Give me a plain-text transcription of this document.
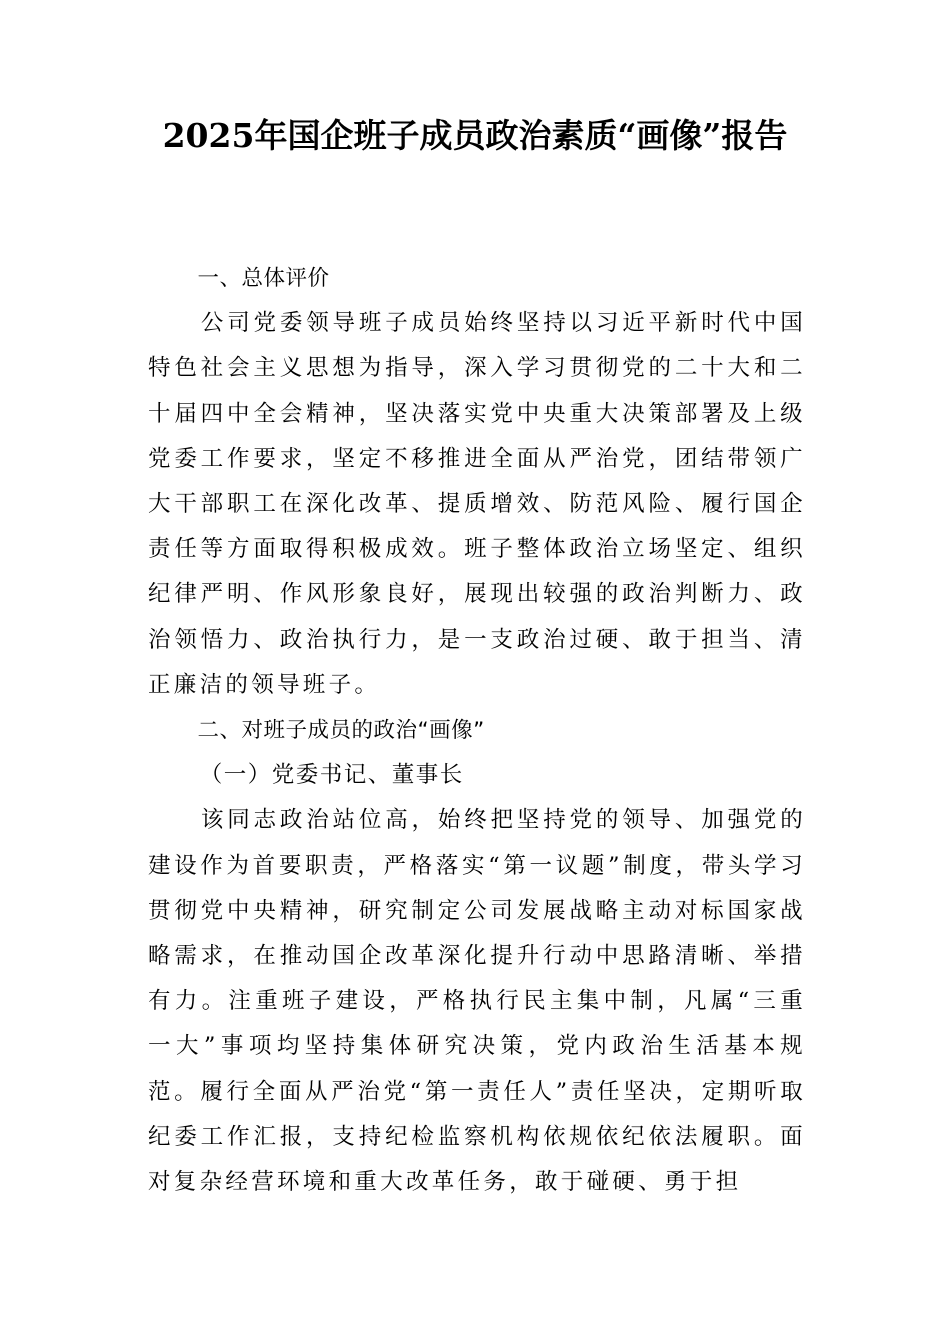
2025年国企班子成员政治素质“画像”报告

一、总体评价

公司党委领导班子成员始终坚持以习近平新时代中国特色社会主义思想为指导，深入学习贯彻党的二十大和二十届四中全会精神，坚决落实党中央重大决策部署及上级党委工作要求，坚定不移推进全面从严治党，团结带领广大干部职工在深化改革、提质增效、防范风险、履行国企责任等方面取得积极成效。班子整体政治立场坚定、组织纪律严明、作风形象良好，展现出较强的政治判断力、政治领悟力、政治执行力，是一支政治过硬、敢于担当、清正廉洁的领导班子。

二、对班子成员的政治“画像”

（一）党委书记、董事长

该同志政治站位高，始终把坚持党的领导、加强党的建设作为首要职责，严格落实“第一议题”制度，带头学习贯彻党中央精神，研究制定公司发展战略主动对标国家战略需求，在推动国企改革深化提升行动中思路清晰、举措有力。注重班子建设，严格执行民主集中制，凡属“三重一大”事项均坚持集体研究决策，党内政治生活基本规范。履行全面从严治党“第一责任人”责任坚决，定期听取纪委工作汇报，支持纪检监察机构依规依纪依法履职。面对复杂经营环境和重大改革任务，敢于碰硬、勇于担
